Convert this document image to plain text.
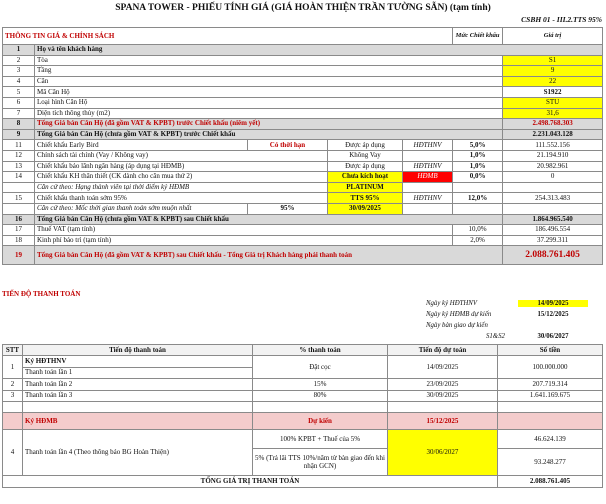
SPANA TOWER - PHIẾU TÍNH GIÁ (GIÁ HOÀN THIỆN TRẦN TƯỜNG SẪN) (tạm tính)
CSBH 01 - III.2.TTS 95%
THÔNG TIN GIÁ & CHÍNH SÁCH					Mức Chiết khấu	Giá trị
1	Họ và tên khách hàng					
2	Tòa					S1
3	Tầng					9
4	Căn					22
5	Mã Căn Hộ					S1922
6	Loại hình Căn Hộ					STU
7	Diện tích thông thủy (m2)					31,6
8	Tổng Giá bán Căn Hộ (đã gồm VAT & KPBT) trước Chiết khấu (niêm yết)					2.498.768.303
9	Tổng Giá bán Căn Hộ (chưa gồm VAT & KPBT) trước Chiết khấu					2.231.043.128
11	Chiết khấu Early Bird	Có thời hạn	Được áp dụng	HĐTHNV	5,0%	111.552.156
12	Chính sách tài chính (Vay / Không vay)		Không Vay		1,0%	21.194.910
13	Chiết khấu bảo lãnh ngân hàng (áp dụng tại HĐMB)		Được áp dụng	HĐTHNV	1,0%	20.982.961
14	Chiết khấu KH thân thiết (CK dành cho căn mua thứ 2)		Chưa kích hoạt	HĐMB	0,0%	0
	Căn cứ theo: Hạng thành viên tại thời điểm ký HĐMB		PLATINUM			
15	Chiết khấu thanh toán sớm 95%		TTS 95%	HĐTHNV	12,0%	254.313.483
	Căn cứ theo: Mốc thời gian thanh toán sớm muộn nhất	95%	30/09/2025			
16	Tổng Giá bán Căn Hộ (chưa gồm VAT & KPBT) sau Chiết khấu					1.864.965.540
17	Thuế VAT (tạm tính)				10,0%	186.496.554
18	Kinh phí bảo trì (tạm tính)				2,0%	37.299.311
19	Tổng Giá bán Căn Hộ (đã gồm VAT & KPBT) sau Chiết khấu - Tổng Giá trị Khách hàng phải thanh toán					2.088.761.405
TIẾN ĐỘ THANH TOÁN
Ngày ký HĐTHNV	14/09/2025
Ngày ký HĐMB dự kiến	15/12/2025
Ngày bàn giao dự kiến
S1&S2	30/06/2027
STT	Tiến độ thanh toán	% thanh toán	Tiến độ dự toán	Số tiền
1	Ký HĐTHNV	Đặt cọc	14/09/2025	100.000.000
	Thanh toán lần 1			
2	Thanh toán lần 2	15%	23/09/2025	207.719.314
3	Thanh toán lần 3	80%	30/09/2025	1.641.169.675

	Ký HĐMB	Dự kiến	15/12/2025	
4	Thanh toán lần 4 (Theo thông báo BG Hoàn Thiện)	100% KPBT + Thuế của 5%	30/06/2027	46.624.139
		5% (Trả lãi TTS 10%/năm từ bàn giao đến khi nhận GCN)		93.248.277
TỔNG GIÁ TRỊ THANH TOÁN				2.088.761.405
